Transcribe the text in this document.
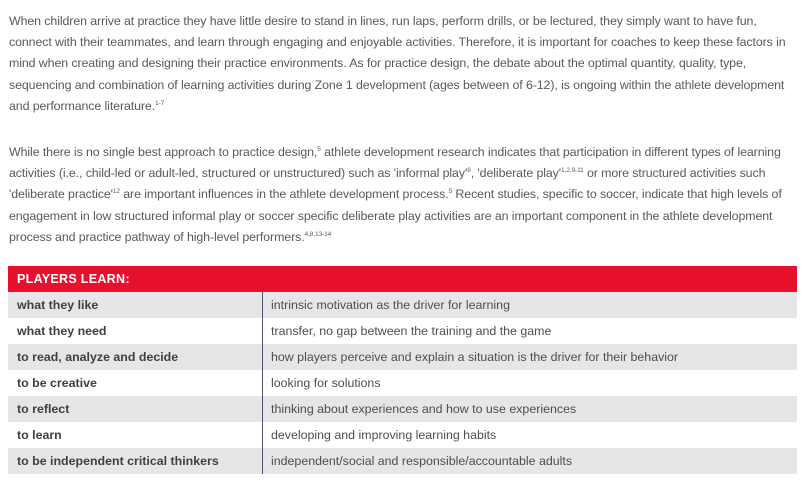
When children arrive at practice they have little desire to stand in lines, run laps, perform drills, or be lectured, they simply want to have fun, connect with their teammates, and learn through engaging and enjoyable activities. Therefore, it is important for coaches to keep these factors in mind when creating and designing their practice environments. As for practice design, the debate about the optimal quantity, quality, type, sequencing and combination of learning activities during Zone 1 development (ages between of 6-12), is ongoing within the athlete development and performance literature.$^{1-7}$

While there is no single best approach to practice design,$^5$ athlete development research indicates that participation in different types of learning activities (i.e., child-led or adult-led, structured or unstructured) such as 'informal $play'^8$, 'deliberate $play'^{1,2,9-11}$ or more structured activities such 'deliberate $practice'^{12}$ are important influences in the athlete development process.$^5$ Recent studies, specific to soccer, indicate that high levels of engagement in low structured informal play or soccer specific deliberate play activities are an important component in the athlete development process and practice pathway of high-level performers.$^{4,8,13-14}$

PLAYERS LEARN:
what they like	intrinsic motivation as the driver for learning
what they need	transfer, no gap between the training and the game
to read, analyze and decide	how players perceive and explain a situation is the driver for their behavior
to be creative	looking for solutions
to reflect	thinking about experiences and how to use experiences
to learn	developing and improving learning habits
to be independent critical thinkers	independent/social and responsible/accountable adults
